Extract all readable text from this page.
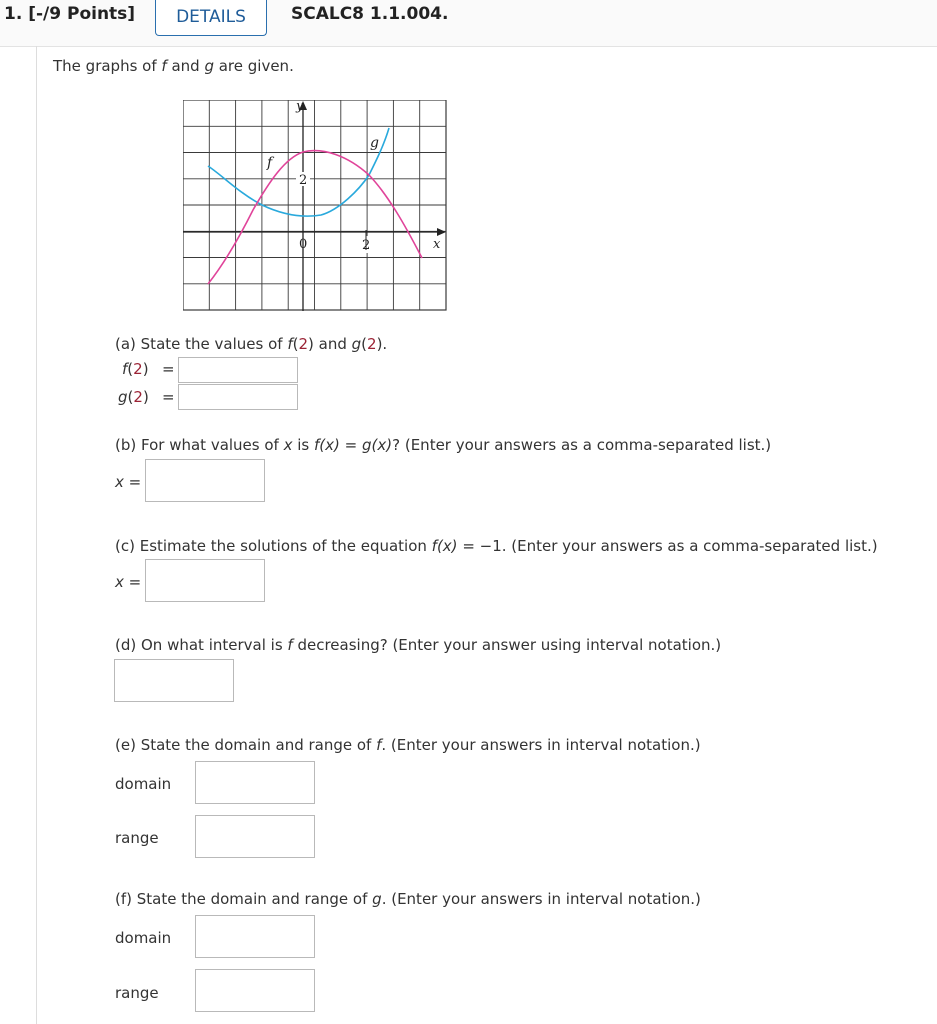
1. [-/9 Points]	DETAILS	SCALC8 1.1.004.
The graphs of f and g are given.
2
0	2
y
x
f
g
(a) State the values of f(2) and g(2).
f(2) =
g(2) =
(b) For what values of x is f(x) = g(x)? (Enter your answers as a comma-separated list.)
x =
(c) Estimate the solutions of the equation f(x) = −1. (Enter your answers as a comma-separated list.)
x =
(d) On what interval is f decreasing? (Enter your answer using interval notation.)
(e) State the domain and range of f. (Enter your answers in interval notation.)
domain
range
(f) State the domain and range of g. (Enter your answers in interval notation.)
domain
range
